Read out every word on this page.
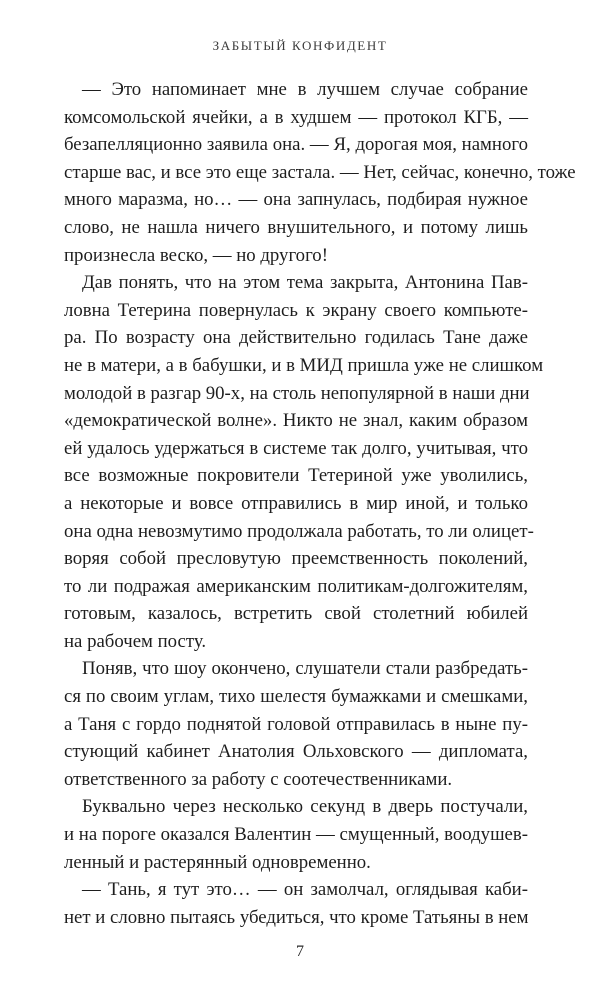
ЗАБЫТЫЙ КОНФИДЕНТ

— Это напоминает мне в лучшем случае собрание
комсомольской ячейки, а в худшем — протокол КГБ, —
безапелляционно заявила она. — Я, дорогая моя, намного
старше вас, и все это еще застала. — Нет, сейчас, конечно, тоже
много маразма, но… — она запнулась, подбирая нужное
слово, не нашла ничего внушительного, и потому лишь
произнесла веско, — но другого!

Дав понять, что на этом тема закрыта, Антонина Пав-
ловна Тетерина повернулась к экрану своего компьюте-
ра. По возрасту она действительно годилась Тане даже
не в матери, а в бабушки, и в МИД пришла уже не слишком
молодой в разгар 90-х, на столь непопулярной в наши дни
«демократической волне». Никто не знал, каким образом
ей удалось удержаться в системе так долго, учитывая, что
все возможные покровители Тетериной уже уволились,
а некоторые и вовсе отправились в мир иной, и только
она одна невозмутимо продолжала работать, то ли олицет-
воряя собой пресловутую преемственность поколений,
то ли подражая американским политикам-долгожителям,
готовым, казалось, встретить свой столетний юбилей
на рабочем посту.

Поняв, что шоу окончено, слушатели стали разбредать-
ся по своим углам, тихо шелестя бумажками и смешками,
а Таня с гордо поднятой головой отправилась в ныне пу-
стующий кабинет Анатолия Ольховского — дипломата,
ответственного за работу с соотечественниками.

Буквально через несколько секунд в дверь постучали,
и на пороге оказался Валентин — смущенный, воодушев-
ленный и растерянный одновременно.

— Тань, я тут это… — он замолчал, оглядывая каби-
нет и словно пытаясь убедиться, что кроме Татьяны в нем

7
